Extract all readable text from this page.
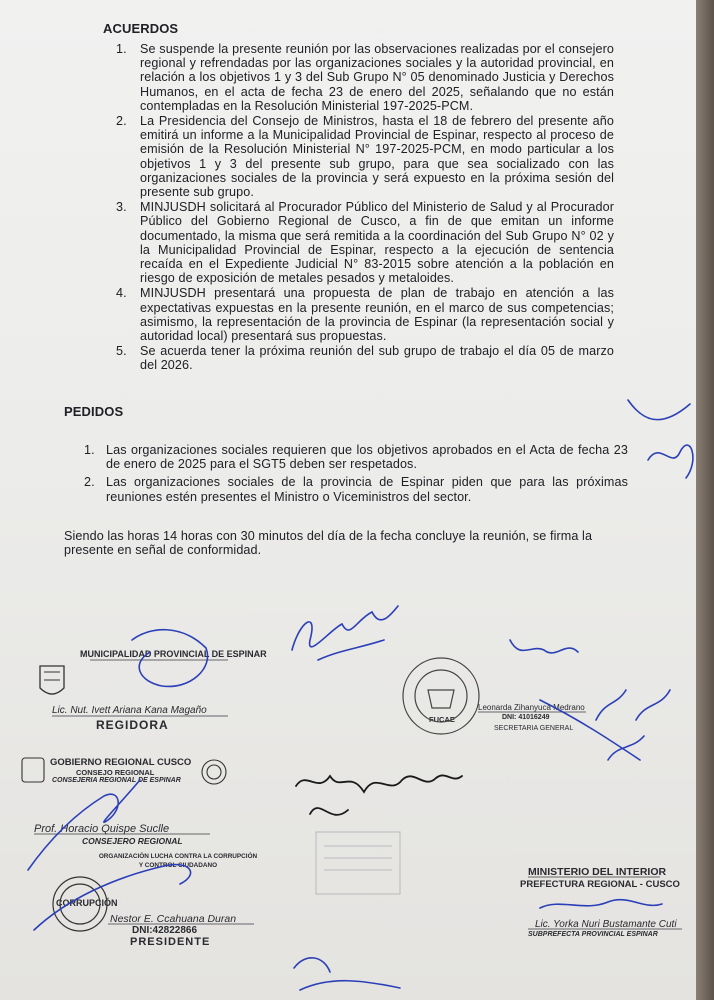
ACUERDOS
1. Se suspende la presente reunión por las observaciones realizadas por el consejero regional y refrendadas por las organizaciones sociales y la autoridad provincial, en relación a los objetivos 1 y 3 del Sub Grupo N° 05 denominado Justicia y Derechos Humanos, en el acta de fecha 23 de enero del 2025, señalando que no están contempladas en la Resolución Ministerial 197-2025-PCM.
2. La Presidencia del Consejo de Ministros, hasta el 18 de febrero del presente año emitirá un informe a la Municipalidad Provincial de Espinar, respecto al proceso de emisión de la Resolución Ministerial N° 197-2025-PCM, en modo particular a los objetivos 1 y 3 del presente sub grupo, para que sea socializado con las organizaciones sociales de la provincia y será expuesto en la próxima sesión del presente sub grupo.
3. MINJUSDH solicitará al Procurador Público del Ministerio de Salud y al Procurador Público del Gobierno Regional de Cusco, a fin de que emitan un informe documentado, la misma que será remitida a la coordinación del Sub Grupo N° 02 y la Municipalidad Provincial de Espinar, respecto a la ejecución de sentencia recaída en el Expediente Judicial N° 83-2015 sobre atención a la población en riesgo de exposición de metales pesados y metaloides.
4. MINJUSDH presentará una propuesta de plan de trabajo en atención a las expectativas expuestas en la presente reunión, en el marco de sus competencias; asimismo, la representación de la provincia de Espinar (la representación social y autoridad local) presentará sus propuestas.
5. Se acuerda tener la próxima reunión del sub grupo de trabajo el día 05 de marzo del 2026.
PEDIDOS
1. Las organizaciones sociales requieren que los objetivos aprobados en el Acta de fecha 23 de enero de 2025 para el SGT5 deben ser respetados.
2. Las organizaciones sociales de la provincia de Espinar piden que para las próximas reuniones estén presentes el Ministro o Viceministros del sector.
Siendo las horas 14 horas con 30 minutos del día de la fecha concluye la reunión, se firma la presente en señal de conformidad.
MUNICIPALIDAD PROVINCIAL DE ESPINAR
Lic. Nut. Ivett Ariana Kana Magaño
REGIDORA
GOBIERNO REGIONAL CUSCO
CONSEJO REGIONAL
CONSEJERIA REGIONAL DE ESPINAR
Prof. Horacio Quispe Suclle
CONSEJERO REGIONAL
ORGANIZACIÓN LUCHA CONTRA LA CORRUPCIÓN Y CONTROL CIUDADANO
CORRUPCIÓN
Nestor E. Ccahuana Duran
DNI:42822866
PRESIDENTE
FUCAE
Leonarda Zihanyuca Medrano
DNI: 41016249
SECRETARIA GENERAL
MINISTERIO DEL INTERIOR
PREFECTURA REGIONAL - CUSCO
Lic. Yorka Nuri Bustamante Cuti
SUBPREFECTA PROVINCIAL ESPINAR
